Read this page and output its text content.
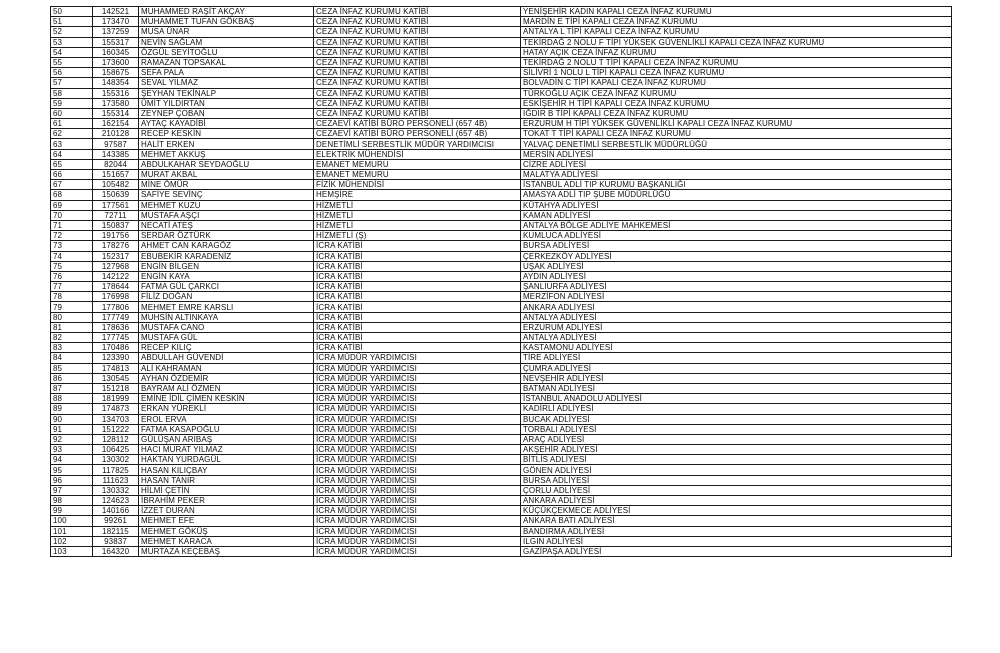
50	142521	MUHAMMED RAŞİT AKÇAY	CEZA İNFAZ KURUMU KATİBİ	YENİŞEHİR KADIN KAPALI CEZA İNFAZ KURUMU
51	173470	MUHAMMET TUFAN GÖKBAŞ	CEZA İNFAZ KURUMU KATİBİ	MARDİN E TİPİ KAPALI CEZA İNFAZ KURUMU
52	137259	MUSA ÜNAR	CEZA İNFAZ KURUMU KATİBİ	ANTALYA L TİPİ KAPALI CEZA İNFAZ KURUMU
53	155317	NEVİN SAĞLAM	CEZA İNFAZ KURUMU KATİBİ	TEKİRDAĞ 2 NOLU F TİPİ YÜKSEK GÜVENLİKLİ KAPALI CEZA İNFAZ KURUMU
54	160345	ÖZGÜL SEYİTOĞLU	CEZA İNFAZ KURUMU KATİBİ	HATAY AÇIK CEZA İNFAZ KURUMU
55	173600	RAMAZAN TOPSAKAL	CEZA İNFAZ KURUMU KATİBİ	TEKİRDAĞ 2 NOLU T TİPİ KAPALI CEZA İNFAZ KURUMU
56	158675	SEFA PALA	CEZA İNFAZ KURUMU KATİBİ	SİLİVRİ 1 NOLU L TİPİ KAPALI CEZA İNFAZ KURUMU
57	148354	SEVAL YILMAZ	CEZA İNFAZ KURUMU KATİBİ	BOLVADİN C TİPİ KAPALI CEZA İNFAZ KURUMU
58	155316	ŞEYHAN TEKİNALP	CEZA İNFAZ KURUMU KATİBİ	TÜRKOĞLU AÇIK CEZA İNFAZ KURUMU
59	173580	ÜMİT YILDIRTAN	CEZA İNFAZ KURUMU KATİBİ	ESKİŞEHİR H TİPİ KAPALI CEZA İNFAZ KURUMU
60	155314	ZEYNEP ÇOBAN	CEZA İNFAZ KURUMU KATİBİ	IĞDIR B TİPİ KAPALI CEZA İNFAZ KURUMU
61	162154	AYTAÇ KAYADİBİ	CEZAEVİ KATİBİ BÜRO PERSONELİ (657 4B)	ERZURUM H TİPİ YÜKSEK GÜVENLİKLİ KAPALI CEZA İNFAZ KURUMU
62	210128	RECEP KESKİN	CEZAEVİ KATİBİ BÜRO PERSONELİ (657 4B)	TOKAT T TİPİ KAPALI CEZA İNFAZ KURUMU
63	97587	HALİT ERKEN	DENETİMLİ SERBESTLİK MÜDÜR YARDIMCISI	YALVAÇ DENETİMLİ SERBESTLİK MÜDÜRLÜĞÜ
64	143385	MEHMET AKKUŞ	ELEKTRİK MÜHENDİSİ	MERSİN ADLİYESİ
65	82044	ABDULKAHAR SEYDAOĞLU	EMANET MEMURU	CİZRE ADLİYESİ
66	151657	MURAT AKBAL	EMANET MEMURU	MALATYA ADLİYESİ
67	105482	MİNE ÖMÜR	FİZİK MÜHENDİSİ	İSTANBUL ADLİ TIP KURUMU BAŞKANLIĞI
68	150639	SAFİYE SEVİNÇ	HEMŞİRE	AMASYA ADLİ TIP ŞUBE MÜDÜRLÜĞÜ
69	177561	MEHMET KUZU	HİZMETLİ	KÜTAHYA ADLİYESİ
70	72711	MUSTAFA AŞÇI	HİZMETLİ	KAMAN ADLİYESİ
71	150837	NECATİ ATEŞ	HİZMETLİ	ANTALYA BÖLGE ADLİYE MAHKEMESİ
72	191756	SERDAR ÖZTÜRK	HİZMETLİ (Ş)	KUMLUCA ADLİYESİ
73	178276	AHMET CAN KARAGÖZ	İCRA KATİBİ	BURSA ADLİYESİ
74	152317	EBUBEKİR KARADENİZ	İCRA KATİBİ	ÇERKEZKÖY ADLİYESİ
75	127968	ENGİN BİLGEN	İCRA KATİBİ	UŞAK ADLİYESİ
76	142122	ENGİN KAYA	İCRA KATİBİ	AYDIN ADLİYESİ
77	178644	FATMA GÜL ÇARKCI	İCRA KATİBİ	ŞANLIURFA ADLİYESİ
78	176998	FİLİZ DOĞAN	İCRA KATİBİ	MERZİFON ADLİYESİ
79	177806	MEHMET EMRE KARSLI	İCRA KATİBİ	ANKARA ADLİYESİ
80	177749	MUHSİN ALTINKAYA	İCRA KATİBİ	ANTALYA ADLİYESİ
81	178636	MUSTAFA CANO	İCRA KATİBİ	ERZURUM ADLİYESİ
82	177745	MUSTAFA GÜL	İCRA KATİBİ	ANTALYA ADLİYESİ
83	170486	RECEP KILIÇ	İCRA KATİBİ	KASTAMONU ADLİYESİ
84	123390	ABDULLAH GÜVENDİ	İCRA MÜDÜR YARDIMCISI	TİRE ADLİYESİ
85	174813	ALİ KAHRAMAN	İCRA MÜDÜR YARDIMCISI	ÇUMRA ADLİYESİ
86	130545	AYHAN ÖZDEMİR	İCRA MÜDÜR YARDIMCISI	NEVŞEHİR ADLİYESİ
87	151218	BAYRAM ALİ ÖZMEN	İCRA MÜDÜR YARDIMCISI	BATMAN ADLİYESİ
88	181999	EMİNE İDİL ÇİMEN KESKİN	İCRA MÜDÜR YARDIMCISI	İSTANBUL ANADOLU ADLİYESİ
89	174873	ERKAN YÜREKLİ	İCRA MÜDÜR YARDIMCISI	KADİRLİ ADLİYESİ
90	134703	EROL ERVA	İCRA MÜDÜR YARDIMCISI	BUCAK ADLİYESİ
91	151222	FATMA KASAPOĞLU	İCRA MÜDÜR YARDIMCISI	TORBALI ADLİYESİ
92	128112	GÜLÜŞAN ARIBAŞ	İCRA MÜDÜR YARDIMCISI	ARAÇ ADLİYESİ
93	106425	HACI MURAT YILMAZ	İCRA MÜDÜR YARDIMCISI	AKŞEHİR ADLİYESİ
94	130302	HAKTAN YURDAGÜL	İCRA MÜDÜR YARDIMCISI	BİTLİS ADLİYESİ
95	117825	HASAN KILIÇBAY	İCRA MÜDÜR YARDIMCISI	GÖNEN ADLİYESİ
96	111623	HASAN TANIR	İCRA MÜDÜR YARDIMCISI	BURSA ADLİYESİ
97	130332	HİLMİ ÇETİN	İCRA MÜDÜR YARDIMCISI	ÇORLU ADLİYESİ
98	124623	İBRAHİM PEKER	İCRA MÜDÜR YARDIMCISI	ANKARA ADLİYESİ
99	140166	İZZET DURAN	İCRA MÜDÜR YARDIMCISI	KÜÇÜKÇEKMECE ADLİYESİ
100	99261	MEHMET EFE	İCRA MÜDÜR YARDIMCISI	ANKARA BATI ADLİYESİ
101	182115	MEHMET GÖKÜŞ	İCRA MÜDÜR YARDIMCISI	BANDIRMA ADLİYESİ
102	93837	MEHMET KARACA	İCRA MÜDÜR YARDIMCISI	ILGIN ADLİYESİ
103	164320	MURTAZA KEÇEBAŞ	İCRA MÜDÜR YARDIMCISI	GAZİPAŞA ADLİYESİ
